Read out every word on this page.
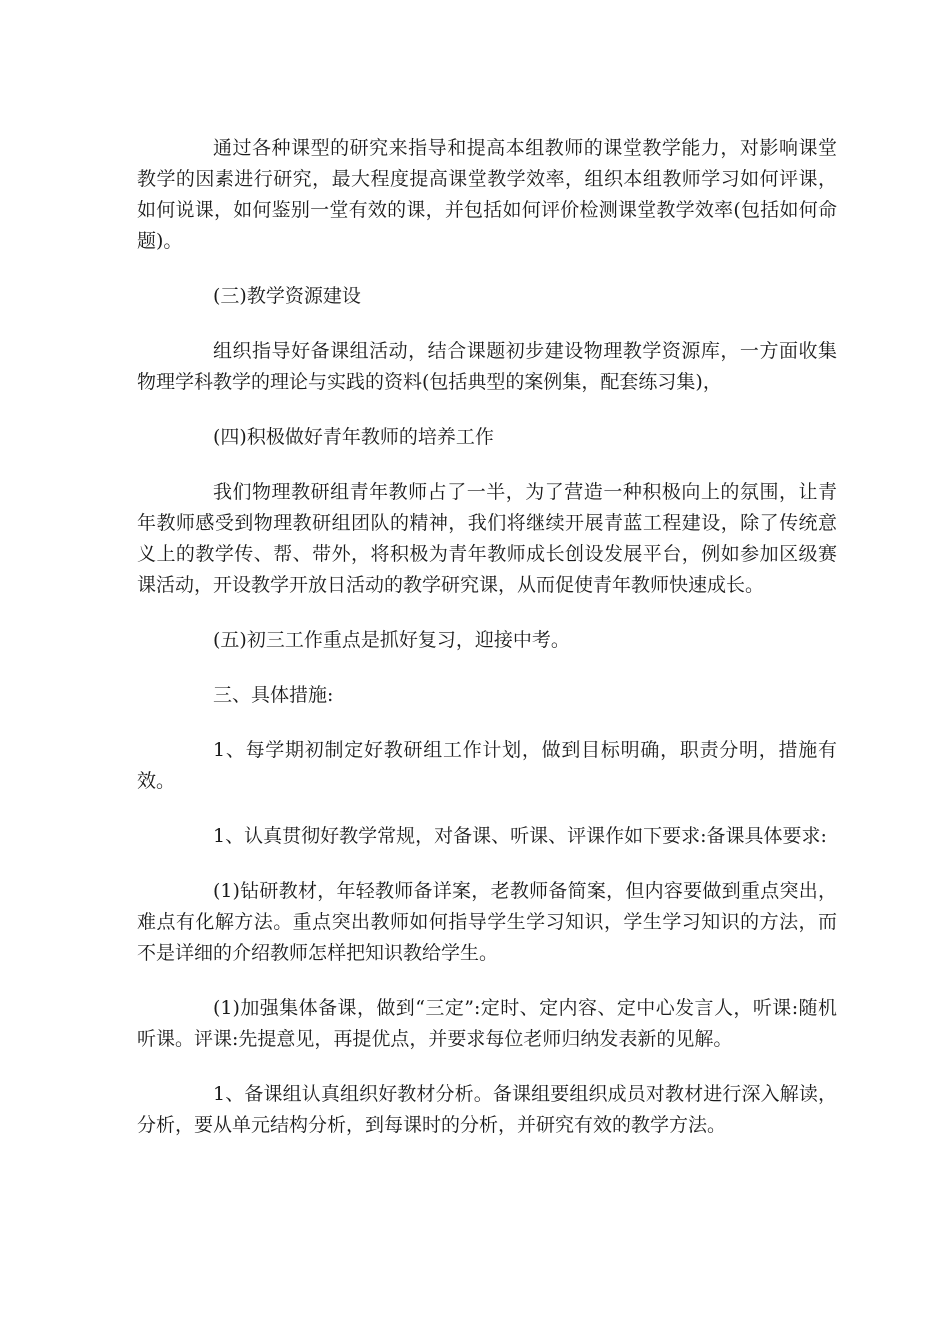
通过各种课型的研究来指导和提高本组教师的课堂教学能力，对影响课堂教学的因素进行研究，最大程度提高课堂教学效率，组织本组教师学习如何评课，如何说课，如何鉴别一堂有效的课，并包括如何评价检测课堂教学效率(包括如何命题)。

(三)教学资源建设

组织指导好备课组活动，结合课题初步建设物理教学资源库，一方面收集物理学科教学的理论与实践的资料(包括典型的案例集，配套练习集)，

(四)积极做好青年教师的培养工作

我们物理教研组青年教师占了一半，为了营造一种积极向上的氛围，让青年教师感受到物理教研组团队的精神，我们将继续开展青蓝工程建设，除了传统意义上的教学传、帮、带外，将积极为青年教师成长创设发展平台，例如参加区级赛课活动，开设教学开放日活动的教学研究课，从而促使青年教师快速成长。

(五)初三工作重点是抓好复习，迎接中考。

三、具体措施:

1、每学期初制定好教研组工作计划，做到目标明确，职责分明，措施有效。

1、认真贯彻好教学常规，对备课、听课、评课作如下要求:备课具体要求:

(1)钻研教材，年轻教师备详案，老教师备简案，但内容要做到重点突出，难点有化解方法。重点突出教师如何指导学生学习知识，学生学习知识的方法，而不是详细的介绍教师怎样把知识教给学生。

(1)加强集体备课，做到“三定”:定时、定内容、定中心发言人，听课:随机听课。评课:先提意见，再提优点，并要求每位老师归纳发表新的见解。

1、备课组认真组织好教材分析。备课组要组织成员对教材进行深入解读，分析，要从单元结构分析，到每课时的分析，并研究有效的教学方法。
